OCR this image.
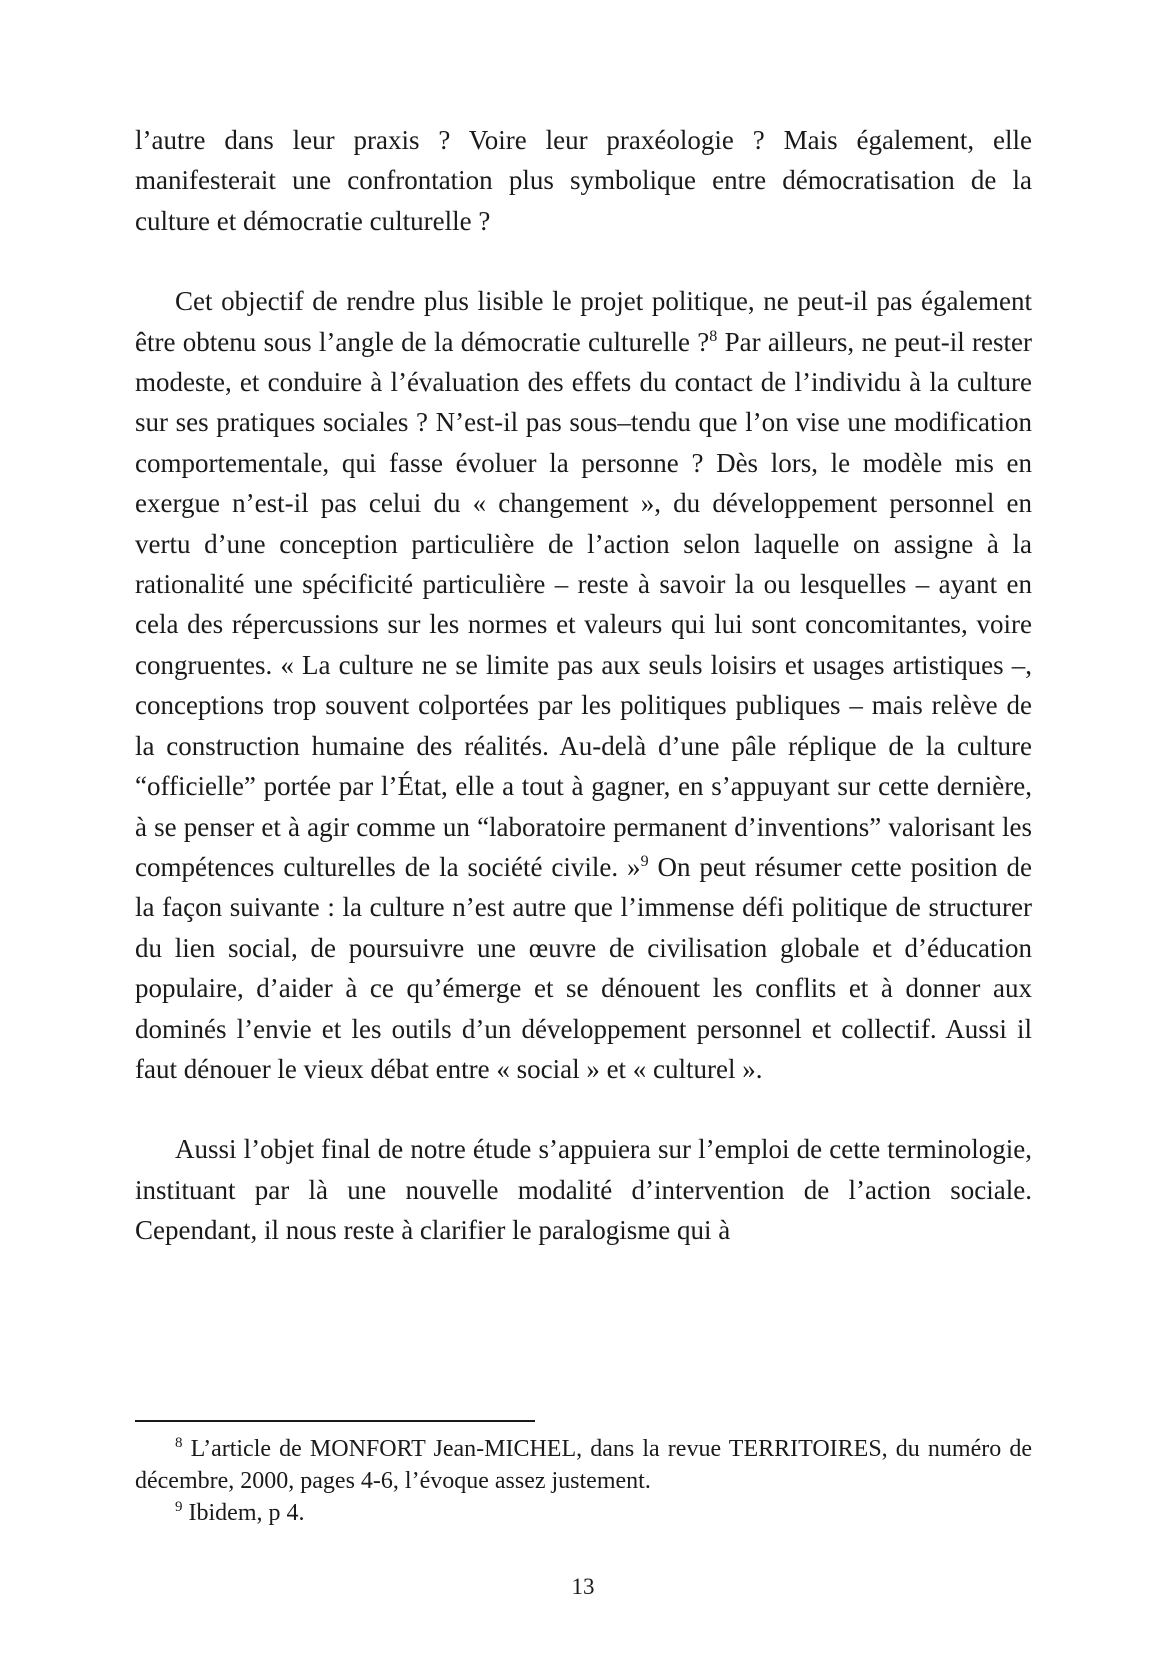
l’autre dans leur praxis ? Voire leur praxéologie ? Mais également, elle manifesterait une confrontation plus symbolique entre démocratisation de la culture et démocratie culturelle ?

Cet objectif de rendre plus lisible le projet politique, ne peut-il pas également être obtenu sous l’angle de la démocratie culturelle ?$^8$ Par ailleurs, ne peut-il rester modeste, et conduire à l’évaluation des effets du contact de l’individu à la culture sur ses pratiques sociales ? N’est-il pas sous–tendu que l’on vise une modification comportementale, qui fasse évoluer la personne ? Dès lors, le modèle mis en exergue n’est-il pas celui du « changement », du développement personnel en vertu d’une conception particulière de l’action selon laquelle on assigne à la rationalité une spécificité particulière – reste à savoir la ou lesquelles – ayant en cela des répercussions sur les normes et valeurs qui lui sont concomitantes, voire congruentes. « La culture ne se limite pas aux seuls loisirs et usages artistiques –, conceptions trop souvent colportées par les politiques publiques – mais relève de la construction humaine des réalités. Au-delà d’une pâle réplique de la culture “officielle” portée par l’État, elle a tout à gagner, en s’appuyant sur cette dernière, à se penser et à agir comme un “laboratoire permanent d’inventions” valorisant les compétences culturelles de la société civile. »$^9$ On peut résumer cette position de la façon suivante : la culture n’est autre que l’immense défi politique de structurer du lien social, de poursuivre une œuvre de civilisation globale et d’éducation populaire, d’aider à ce qu’émerge et se dénouent les conflits et à donner aux dominés l’envie et les outils d’un développement personnel et collectif. Aussi il faut dénouer le vieux débat entre « social » et « culturel ».

Aussi l’objet final de notre étude s’appuiera sur l’emploi de cette terminologie, instituant par là une nouvelle modalité d’intervention de l’action sociale. Cependant, il nous reste à clarifier le paralogisme qui à

$^8$ L’article de MONFORT Jean-MICHEL, dans la revue TERRITOIRES, du numéro de décembre, 2000, pages 4-6, l’évoque assez justement.

$^9$ Ibidem, p 4.

13
